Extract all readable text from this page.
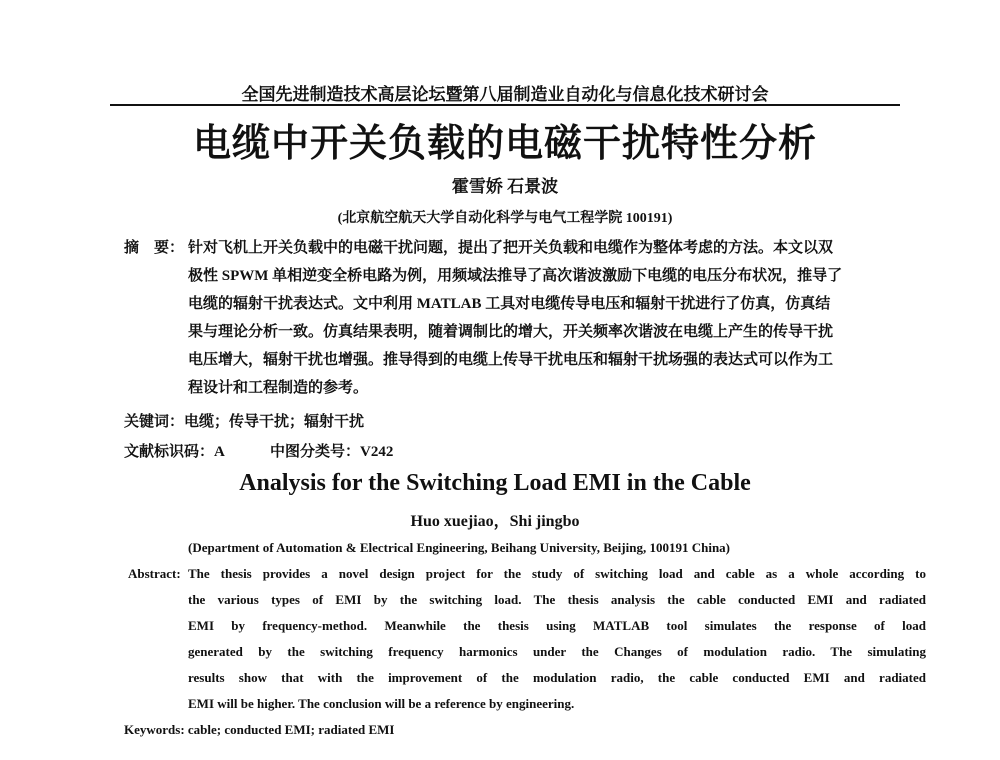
全国先进制造技术高层论坛暨第八届制造业自动化与信息化技术研讨会
电缆中开关负载的电磁干扰特性分析
霍雪娇 石景波
(北京航空航天大学自动化科学与电气工程学院 100191)
摘　要： 针对飞机上开关负载中的电磁干扰问题，提出了把开关负载和电缆作为整体考虑的方法。本文以双
极性 SPWM 单相逆变全桥电路为例，用频域法推导了高次谐波激励下电缆的电压分布状况，推导了
电缆的辐射干扰表达式。文中利用 MATLAB 工具对电缆传导电压和辐射干扰进行了仿真，仿真结
果与理论分析一致。仿真结果表明，随着调制比的增大，开关频率次谐波在电缆上产生的传导干扰
电压增大，辐射干扰也增强。推导得到的电缆上传导干扰电压和辐射干扰场强的表达式可以作为工
程设计和工程制造的参考。
关键词：电缆；传导干扰；辐射干扰
文献标识码：A	中图分类号：V242
Analysis for the Switching Load EMI in the Cable
Huo xuejiao，Shi jingbo
(Department of Automation & Electrical Engineering, Beihang University, Beijing, 100191 China)
Abstract: The thesis provides a novel design project for the study of switching load and cable as a whole according to
the various types of EMI by the switching load. The thesis analysis the cable conducted EMI and radiated
EMI by frequency-method. Meanwhile the thesis using MATLAB tool simulates the response of load
generated by the switching frequency harmonics under the Changes of modulation radio. The simulating
results show that with the improvement of the modulation radio, the cable conducted EMI and radiated
EMI will be higher. The conclusion will be a reference by engineering.
Keywords: cable; conducted EMI; radiated EMI
